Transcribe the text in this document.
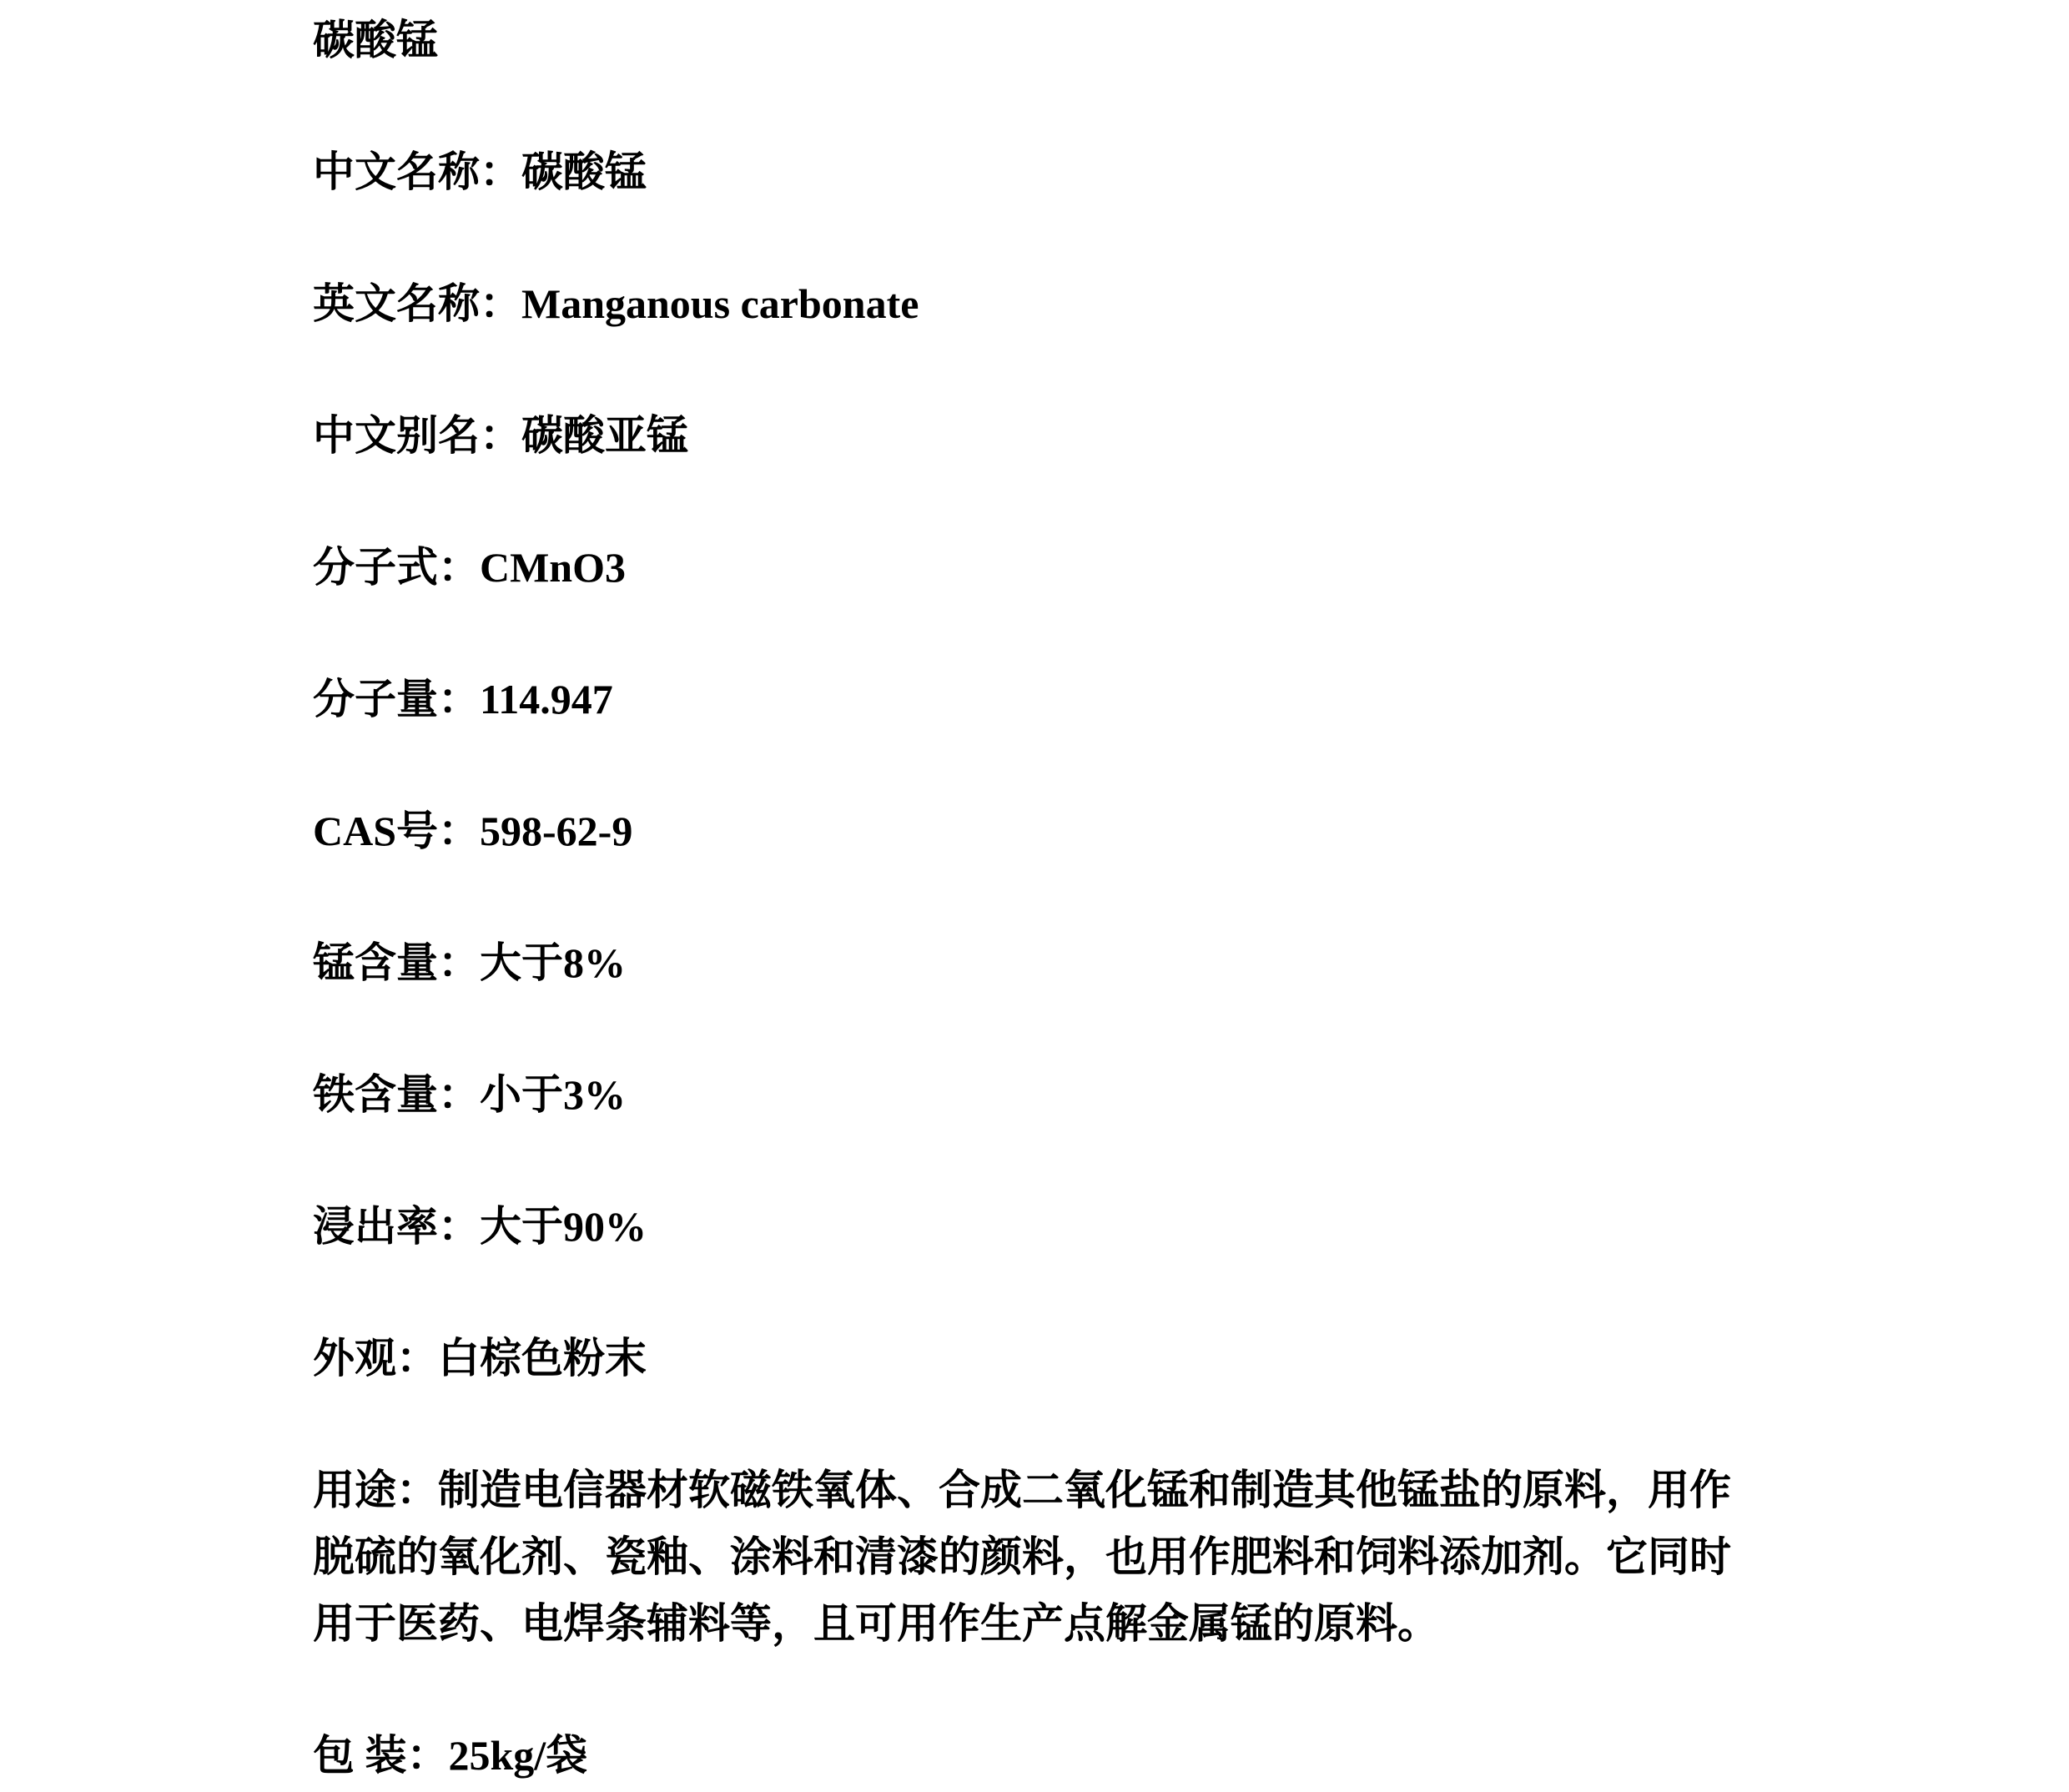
碳酸锰

中文名称：碳酸锰

英文名称：Manganous carbonate

中文别名：碳酸亚锰

分子式：CMnO3

分子量：114.947

CAS号：598-62-9

锰含量：大于8%

铁含量：小于3%

浸出率：大于90%

外观：白棕色粉末

用途：制造电信器材软磁铁氧体、合成二氧化锰和制造其他锰盐的原料，用作
脱硫的氧化剂、瓷釉、涂料和清漆的颜料，也用作肥料和饲料添加剂。它同时
用于医药、电焊条辅料等，且可用作生产点解金属锰的原料。

包 装：25kg/袋
